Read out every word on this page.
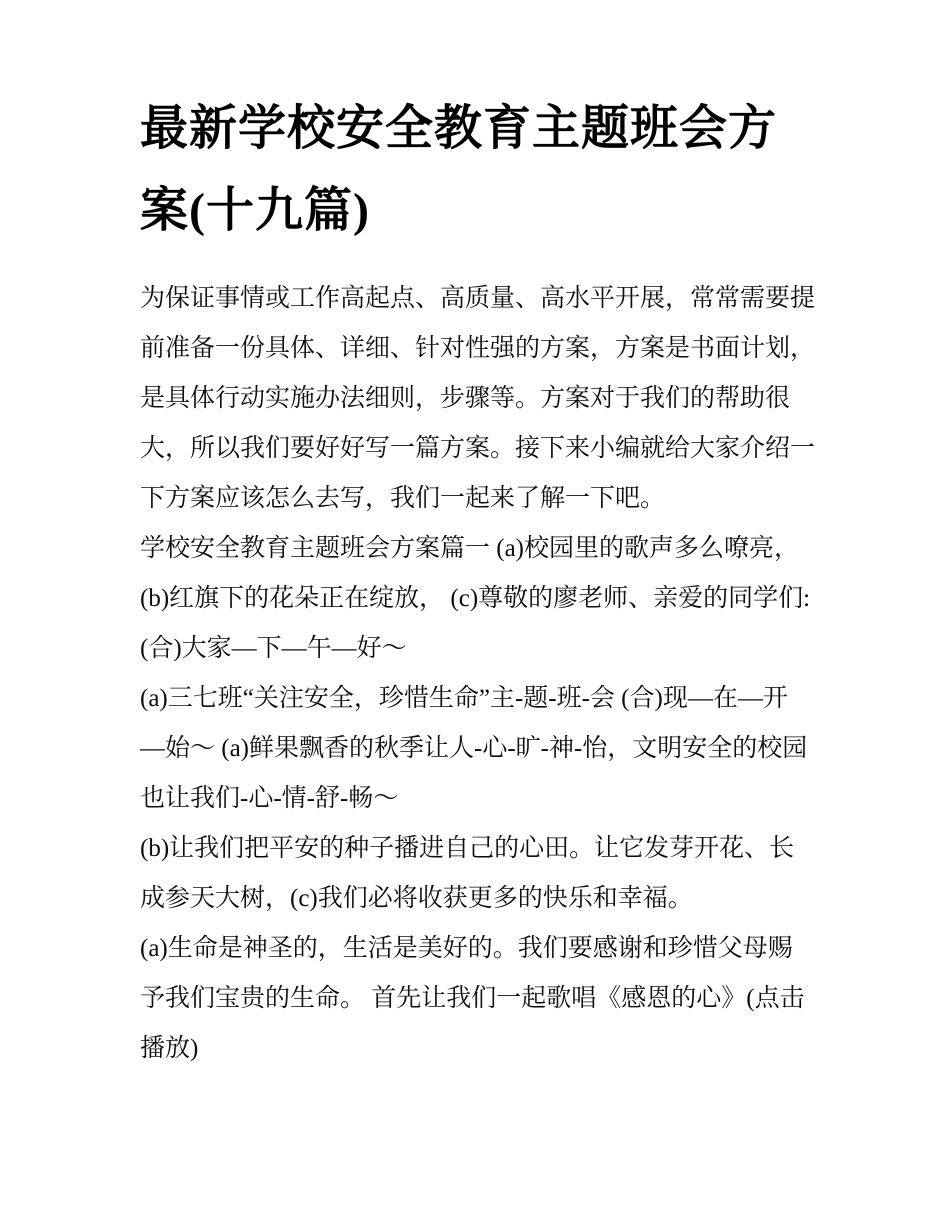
最新学校安全教育主题班会方
案(十九篇)
为保证事情或工作高起点、高质量、高水平开展，常常需要提
前准备一份具体、详细、针对性强的方案，方案是书面计划，
是具体行动实施办法细则，步骤等。方案对于我们的帮助很
大，所以我们要好好写一篇方案。接下来小编就给大家介绍一
下方案应该怎么去写，我们一起来了解一下吧。
学校安全教育主题班会方案篇一 (a)校园里的歌声多么嘹亮，
(b)红旗下的花朵正在绽放， (c)尊敬的廖老师、亲爱的同学们:
(合)大家—下—午—好～
(a)三七班“关注安全，珍惜生命”主-题-班-会 (合)现—在—开
—始～ (a)鲜果飘香的秋季让人-心-旷-神-怡，文明安全的校园
也让我们-心-情-舒-畅～
(b)让我们把平安的种子播进自己的心田。让它发芽开花、长
成参天大树，(c)我们必将收获更多的快乐和幸福。
(a)生命是神圣的，生活是美好的。我们要感谢和珍惜父母赐
予我们宝贵的生命。 首先让我们一起歌唱《感恩的心》(点击
播放)
